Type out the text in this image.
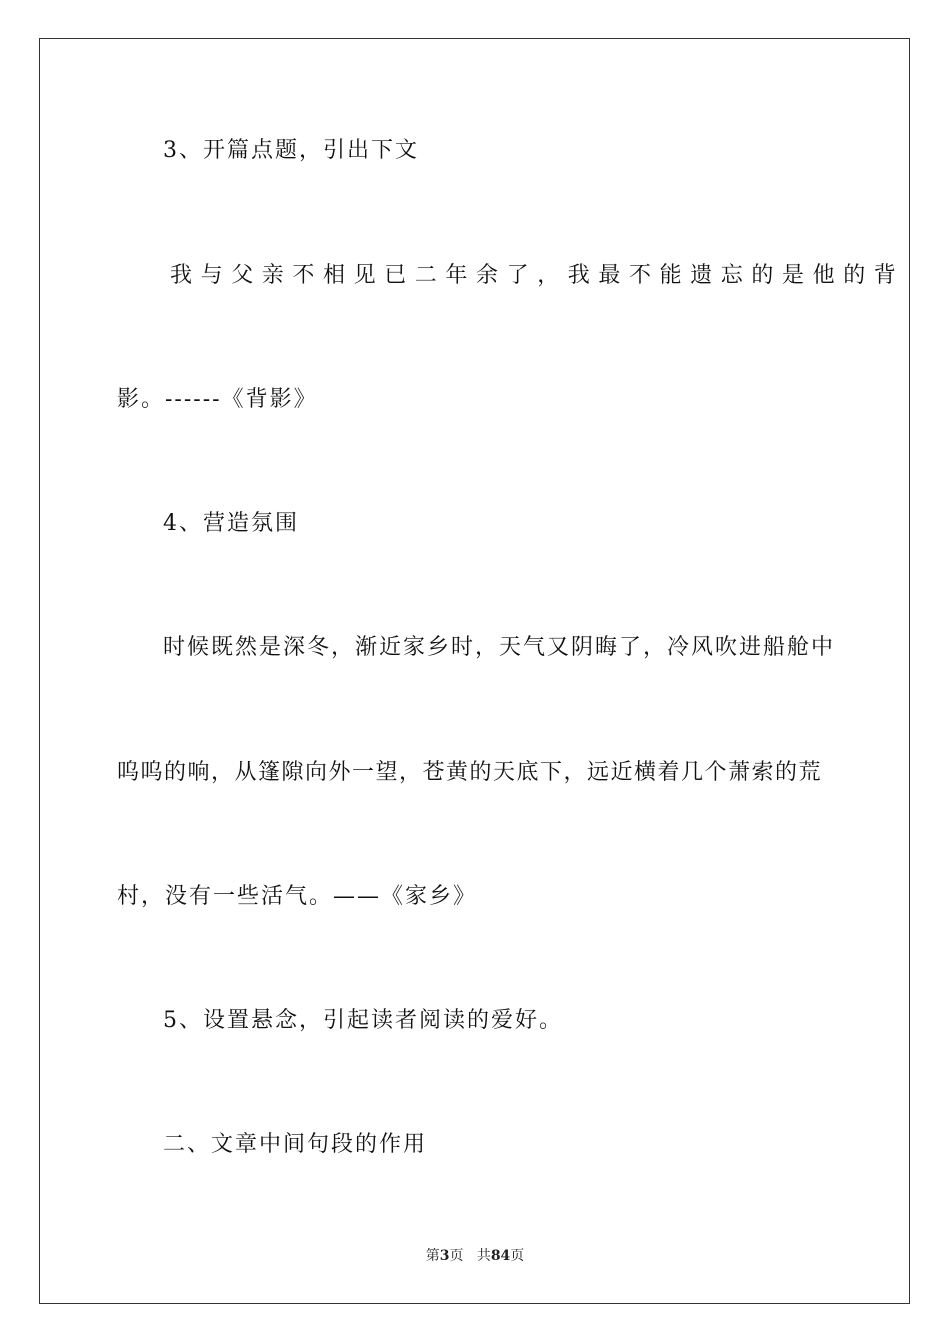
3、开篇点题，引出下文
我与父亲不相见已二年余了，我最不能遗忘的是他的背
影。------《背影》
4、营造氛围
时候既然是深冬，渐近家乡时，天气又阴晦了，冷风吹进船舱中
呜呜的响，从篷隙向外一望，苍黄的天底下，远近横着几个萧索的荒
村，没有一些活气。——《家乡》
5、设置悬念，引起读者阅读的爱好。
二、文章中间句段的作用
第3页 共84页
